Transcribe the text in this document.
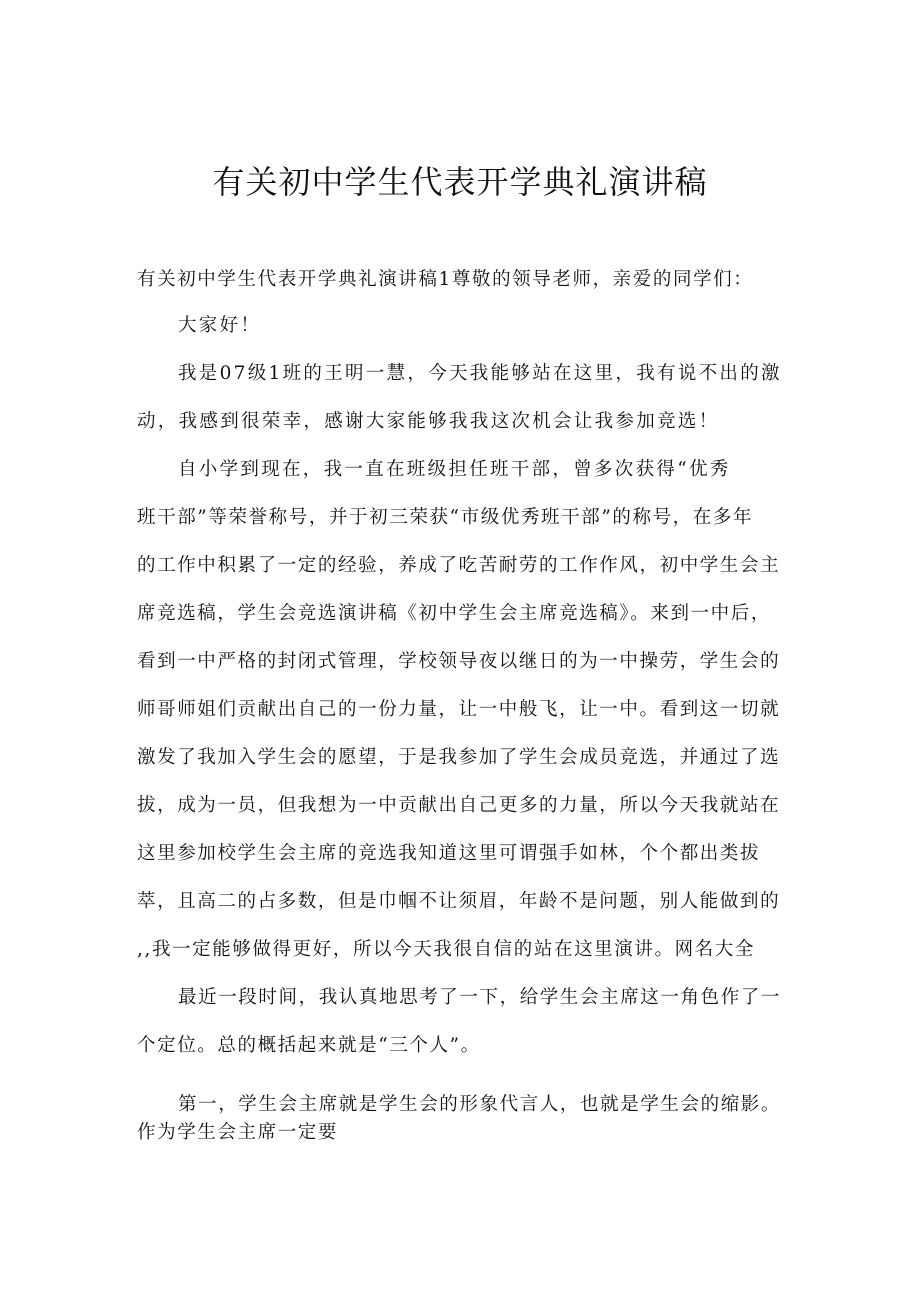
有关初中学生代表开学典礼演讲稿
有关初中学生代表开学典礼演讲稿1尊敬的领导老师，亲爱的同学们：
大家好！
我是07级1班的王明一慧，今天我能够站在这里，我有说不出的激
动，我感到很荣幸，感谢大家能够我我这次机会让我参加竞选！
自小学到现在，我一直在班级担任班干部，曾多次获得“优秀
班干部”等荣誉称号，并于初三荣获“市级优秀班干部”的称号，在多年
的工作中积累了一定的经验，养成了吃苦耐劳的工作作风，初中学生会主
席竞选稿，学生会竞选演讲稿《初中学生会主席竞选稿》。来到一中后，
看到一中严格的封闭式管理，学校领导夜以继日的为一中操劳，学生会的
师哥师姐们贡献出自己的一份力量，让一中般飞，让一中。看到这一切就
激发了我加入学生会的愿望，于是我参加了学生会成员竞选，并通过了选
拔，成为一员，但我想为一中贡献出自己更多的力量，所以今天我就站在
这里参加校学生会主席的竞选我知道这里可谓强手如林，个个都出类拔
萃，且高二的占多数，但是巾帼不让须眉，年龄不是问题，别人能做到的
,,我一定能够做得更好，所以今天我很自信的站在这里演讲。网名大全
最近一段时间，我认真地思考了一下，给学生会主席这一角色作了一
个定位。总的概括起来就是“三个人”。
第一，学生会主席就是学生会的形象代言人，也就是学生会的缩影。
作为学生会主席一定要
